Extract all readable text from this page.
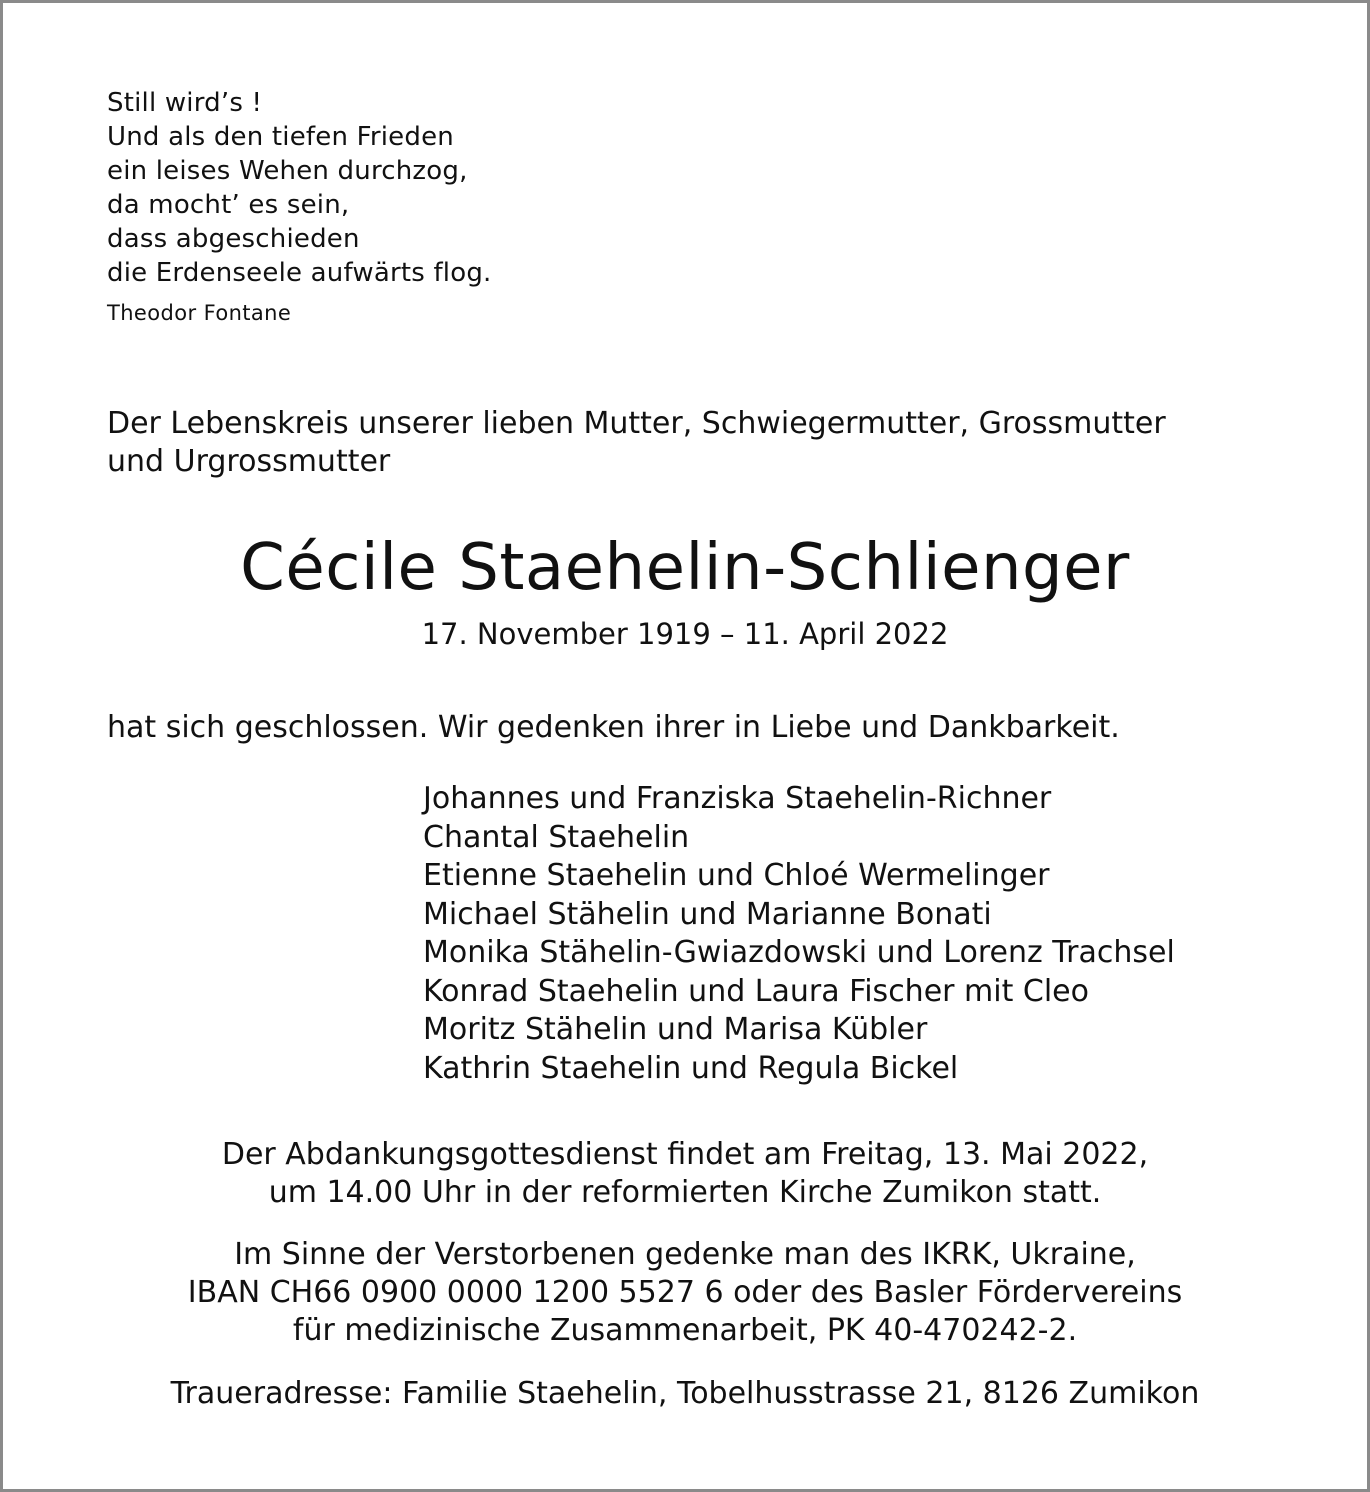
Still wird’s !
Und als den tiefen Frieden
ein leises Wehen durchzog,
da mocht’ es sein,
dass abgeschieden
die Erdenseele aufwärts flog.
Theodor Fontane
Der Lebenskreis unserer lieben Mutter, Schwiegermutter, Grossmutter
und Urgrossmutter
Cécile Staehelin-Schlienger
17. November 1919 – 11. April 2022
hat sich geschlossen. Wir gedenken ihrer in Liebe und Dankbarkeit.
Johannes und Franziska Staehelin-Richner
Chantal Staehelin
Etienne Staehelin und Chloé Wermelinger
Michael Stähelin und Marianne Bonati
Monika Stähelin-Gwiazdowski und Lorenz Trachsel
Konrad Staehelin und Laura Fischer mit Cleo
Moritz Stähelin und Marisa Kübler
Kathrin Staehelin und Regula Bickel
Der Abdankungsgottesdienst findet am Freitag, 13. Mai 2022,
um 14.00 Uhr in der reformierten Kirche Zumikon statt.
Im Sinne der Verstorbenen gedenke man des IKRK, Ukraine,
IBAN CH66 0900 0000 1200 5527 6 oder des Basler Fördervereins
für medizinische Zusammenarbeit, PK 40-470242-2.
Traueradresse: Familie Staehelin, Tobelhusstrasse 21, 8126 Zumikon
